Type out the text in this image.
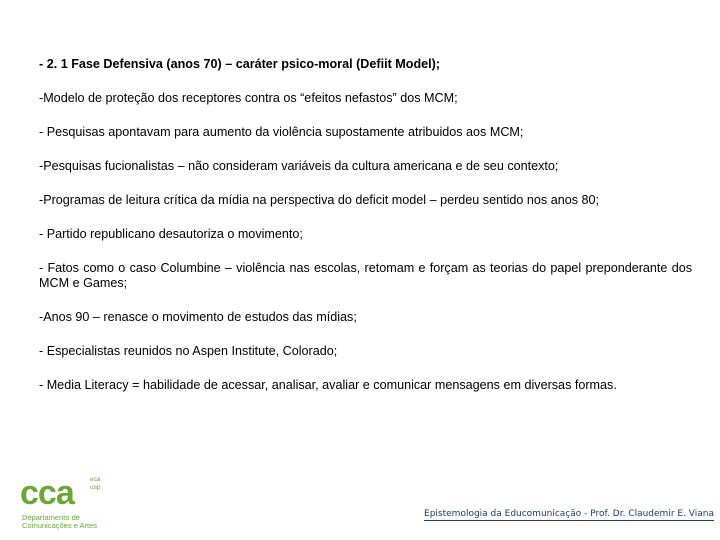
- 2. 1 Fase Defensiva (anos 70) – caráter psico-moral (Defiit Model);

-Modelo de proteção dos receptores contra os “efeitos nefastos” dos MCM;

- Pesquisas apontavam para aumento da violência supostamente atribuidos aos MCM;

-Pesquisas fucionalistas – não consideram variáveis da cultura americana e de seu contexto;

-Programas de leitura crítica da mídia na perspectiva do deficit model – perdeu sentido nos anos 80;

- Partido republicano desautoriza o movimento;

- Fatos como o caso Columbine – violência nas escolas, retomam e forçam as teorias do papel preponderante dos MCM e Games;

-Anos 90 – renasce o movimento de estudos das mídias;

- Especialistas reunidos no Aspen Institute, Colorado;

- Media Literacy = habilidade de acessar, analisar, avaliar e comunicar mensagens em diversas formas.

cca	eca
usp
Departamento de
Comunicações e Artes
Epistemologia da Educomunicação - Prof. Dr. Claudemir E. Viana
